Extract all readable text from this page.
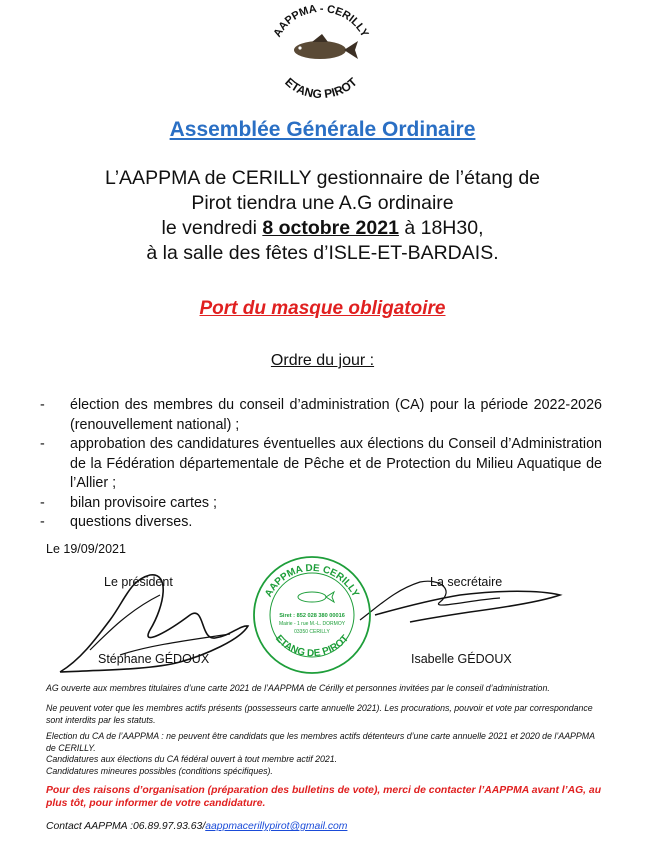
AAPPMA - CERILLY
ETANG PIROT
Assemblée Générale Ordinaire
L’AAPPMA de CERILLY gestionnaire de l’étang de
Pirot tiendra une A.G ordinaire
le vendredi 8 octobre 2021 à 18H30,
à la salle des fêtes d’ISLE-ET-BARDAIS.
Port du masque obligatoire
Ordre du jour :
- élection des membres du conseil d’administration (CA) pour la période 2022-2026 (renouvellement national) ;
- approbation des candidatures éventuelles aux élections du Conseil d’Administration de la Fédération départementale de Pêche et de Protection du Milieu Aquatique de l’Allier ;
- bilan provisoire cartes ;
- questions diverses.
Le 19/09/2021
Le président	La secrétaire
Stéphane GÉDOUX	Isabelle GÉDOUX
AAPPMA DE CERILLY
ETANG DE PIROT
Siret : 852 028 380 00016
Mairie - 1 rue M.-L. DORMOY
03350 CERILLY
AG ouverte aux membres titulaires d’une carte 2021 de l’AAPPMA de Cérilly et personnes invitées par le conseil d’administration.
Ne peuvent voter que les membres actifs présents (possesseurs carte annuelle 2021). Les procurations, pouvoir et vote par correspondance sont interdits par les statuts.
Election du CA de l’AAPPMA : ne peuvent être candidats que les membres actifs détenteurs d’une carte annuelle 2021 et 2020 de l’AAPPMA de CERILLY.
Candidatures aux élections du CA fédéral ouvert à tout membre actif 2021.
Candidatures mineures possibles (conditions spécifiques).
Pour des raisons d’organisation (préparation des bulletins de vote), merci de contacter l’AAPPMA avant l’AG, au plus tôt, pour informer de votre candidature.
Contact AAPPMA :06.89.97.93.63/aappmacerillypirot@gmail.com
